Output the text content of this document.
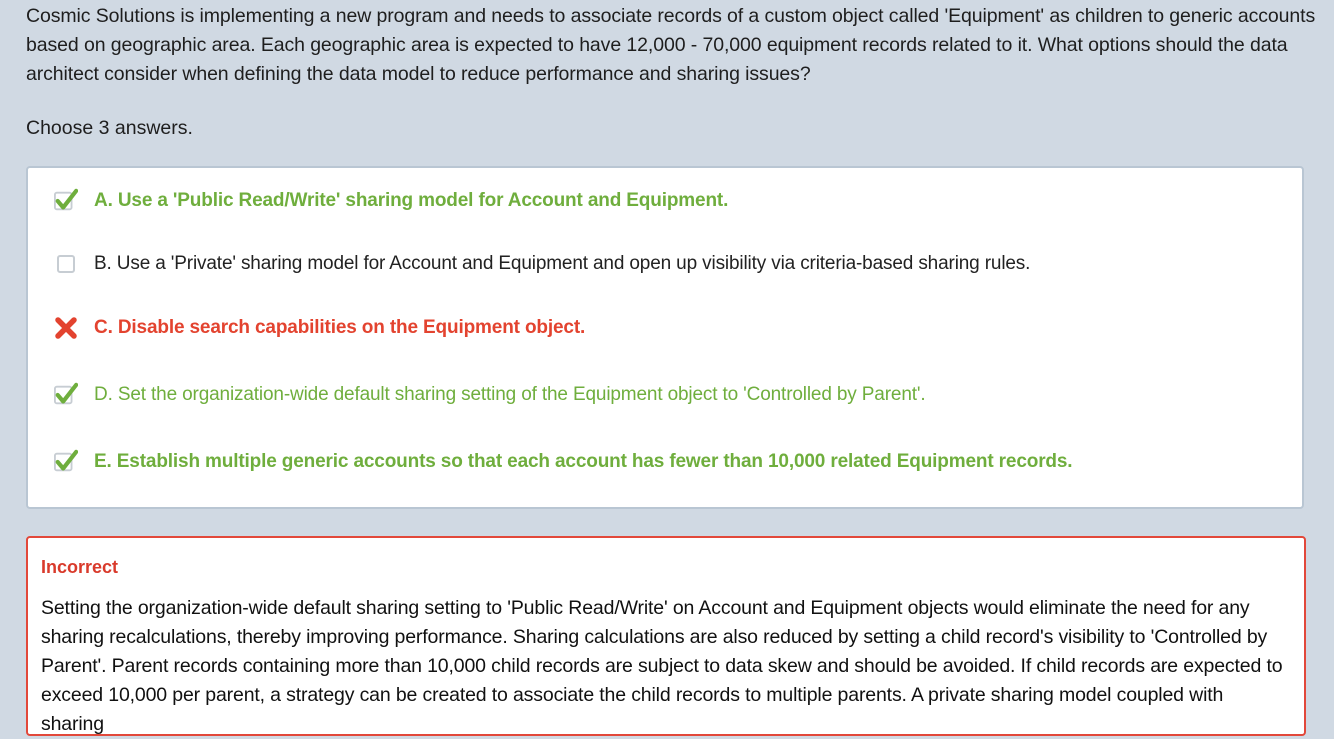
Cosmic Solutions is implementing a new program and needs to associate records of a custom object called 'Equipment' as children to generic accounts based on geographic area. Each geographic area is expected to have 12,000 - 70,000 equipment records related to it. What options should the data architect consider when defining the data model to reduce performance and sharing issues?
Choose 3 answers.
A. Use a 'Public Read/Write' sharing model for Account and Equipment.
B. Use a 'Private' sharing model for Account and Equipment and open up visibility via criteria-based sharing rules.
C. Disable search capabilities on the Equipment object.
D. Set the organization-wide default sharing setting of the Equipment object to 'Controlled by Parent'.
E. Establish multiple generic accounts so that each account has fewer than 10,000 related Equipment records.
Incorrect
Setting the organization-wide default sharing setting to 'Public Read/Write' on Account and Equipment objects would eliminate the need for any sharing recalculations, thereby improving performance. Sharing calculations are also reduced by setting a child record's visibility to 'Controlled by Parent'. Parent records containing more than 10,000 child records are subject to data skew and should be avoided. If child records are expected to exceed 10,000 per parent, a strategy can be created to associate the child records to multiple parents. A private sharing model coupled with sharing
